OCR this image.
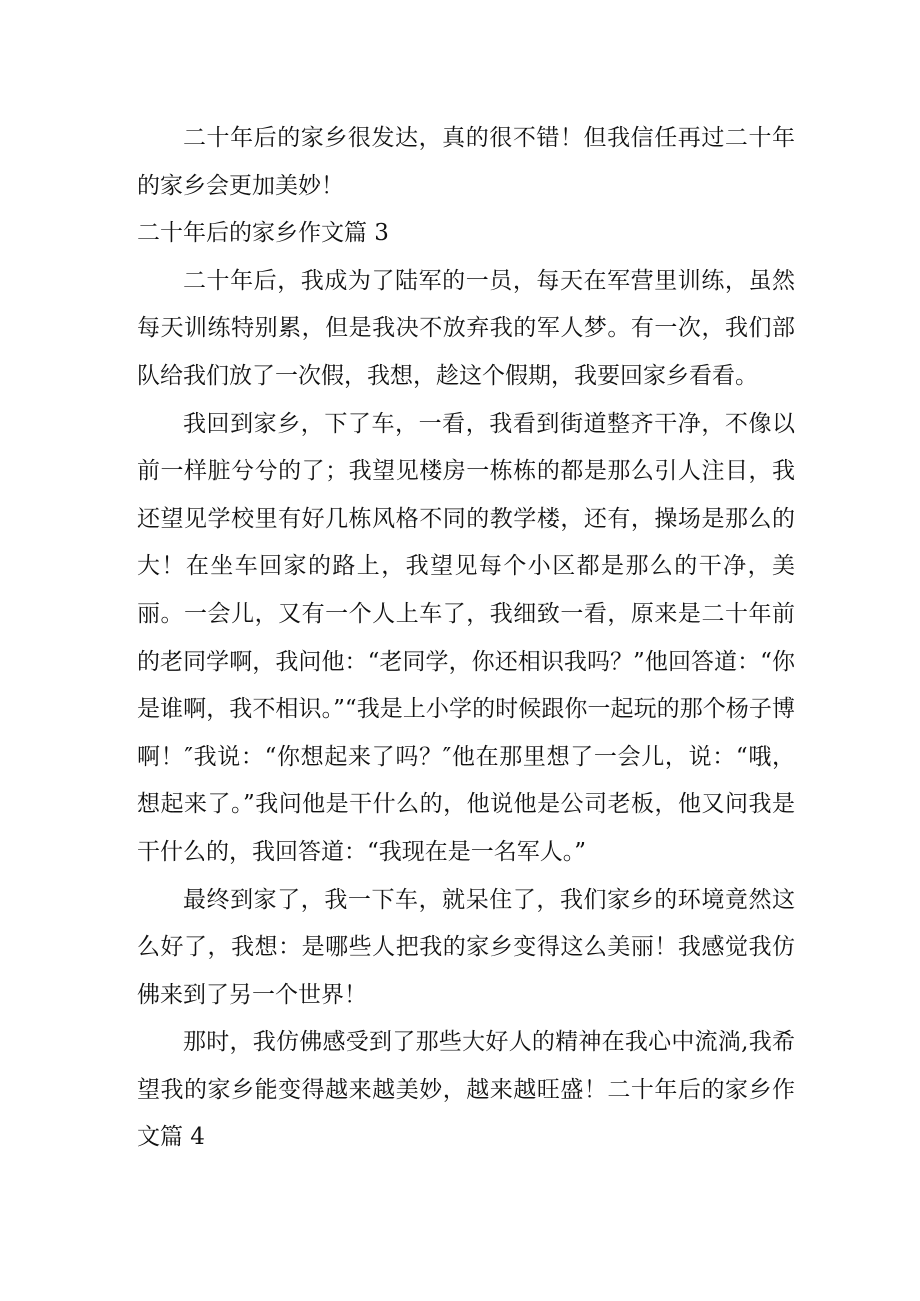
二十年后的家乡很发达，真的很不错！但我信任再过二十年的家乡会更加美妙！

二十年后的家乡作文篇 3

二十年后，我成为了陆军的一员，每天在军营里训练，虽然每天训练特别累，但是我决不放弃我的军人梦。有一次，我们部队给我们放了一次假，我想，趁这个假期，我要回家乡看看。

我回到家乡，下了车，一看，我看到街道整齐干净，不像以前一样脏兮兮的了；我望见楼房一栋栋的都是那么引人注目，我还望见学校里有好几栋风格不同的教学楼，还有，操场是那么的大！在坐车回家的路上，我望见每个小区都是那么的干净，美丽。一会儿，又有一个人上车了，我细致一看，原来是二十年前的老同学啊，我问他：“老同学，你还相识我吗？”他回答道：“你是谁啊，我不相识。”“我是上小学的时候跟你一起玩的那个杨子博啊！″我说：“你想起来了吗？″他在那里想了一会儿，说：“哦，想起来了。”我问他是干什么的，他说他是公司老板，他又问我是干什么的，我回答道：“我现在是一名军人。”

最终到家了，我一下车，就呆住了，我们家乡的环境竟然这么好了，我想：是哪些人把我的家乡变得这么美丽！我感觉我仿佛来到了另一个世界！

那时，我仿佛感受到了那些大好人的精神在我心中流淌,我希望我的家乡能变得越来越美妙，越来越旺盛！二十年后的家乡作文篇 4
